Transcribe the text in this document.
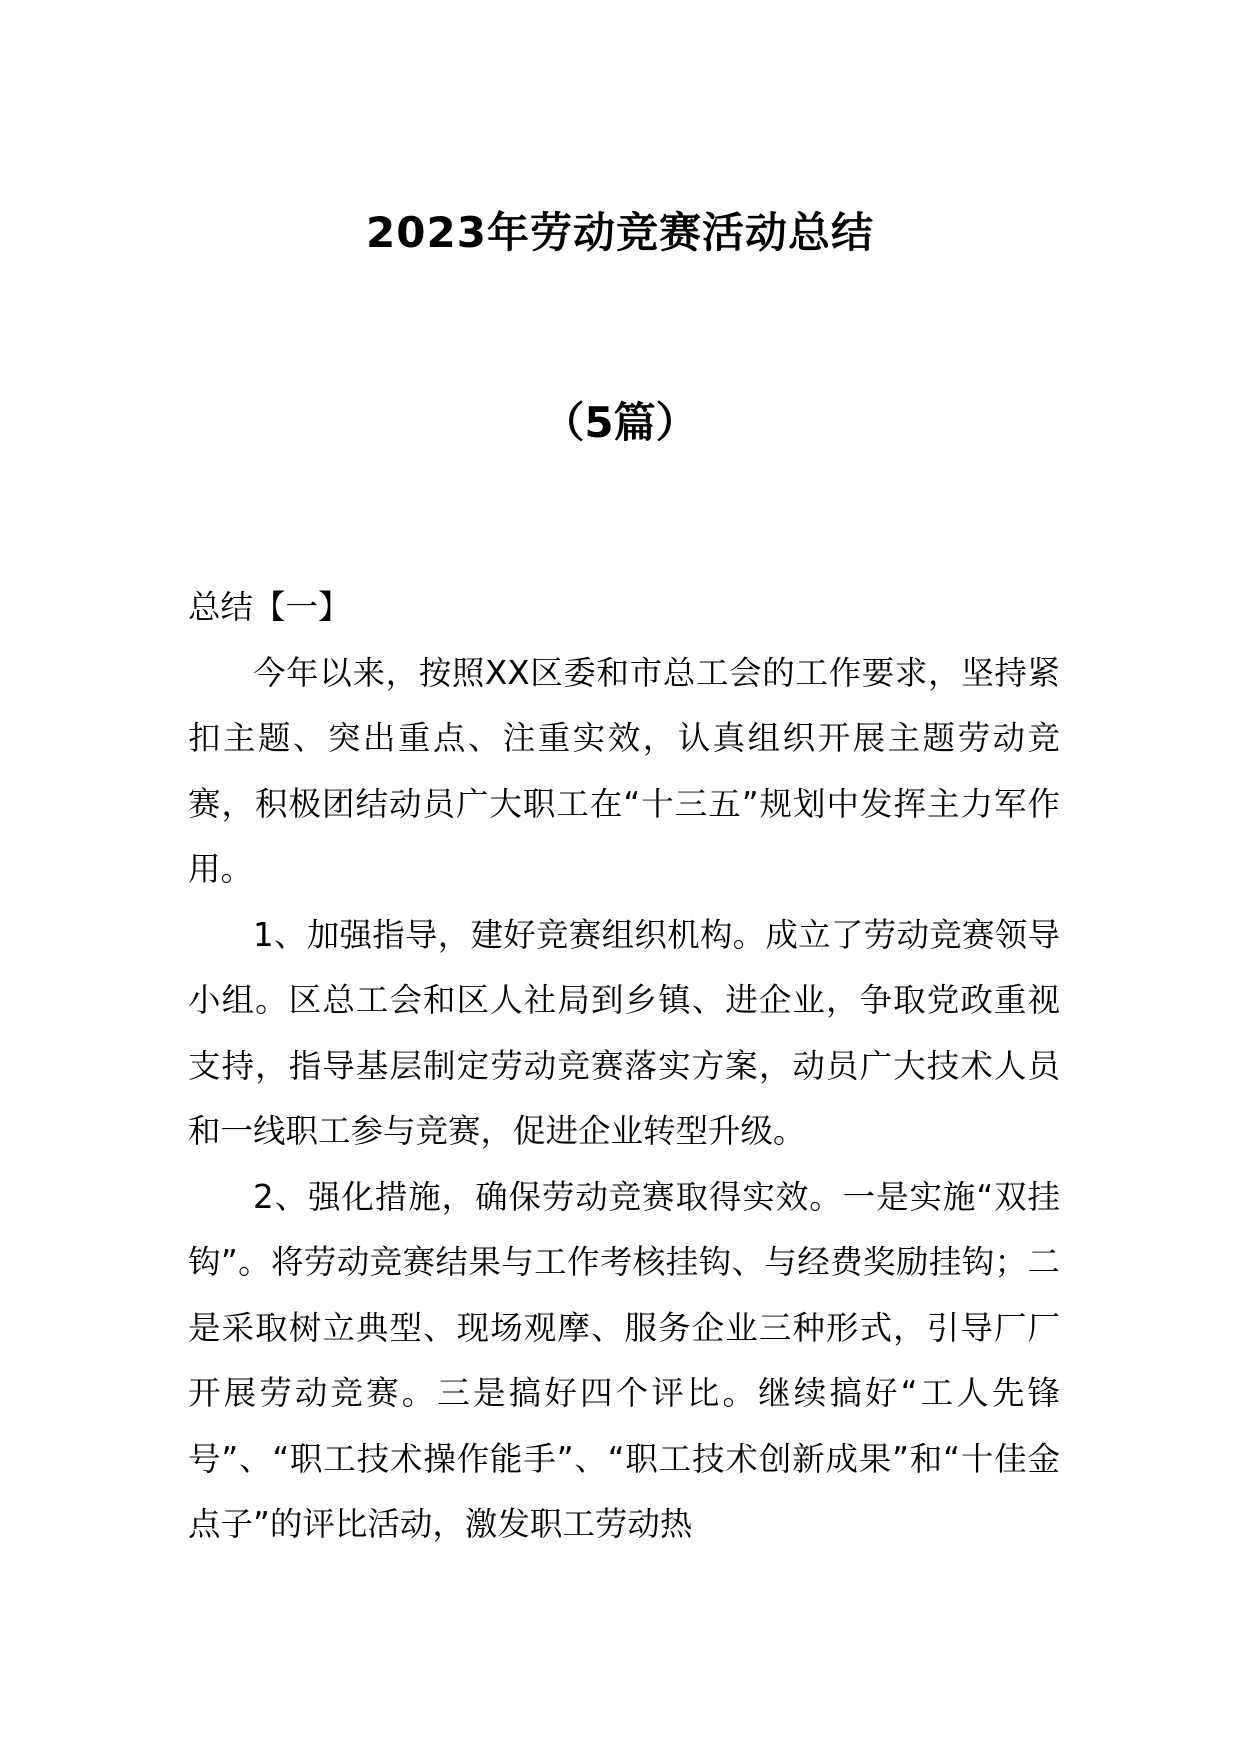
2023年劳动竞赛活动总结
（5篇）

总结【一】

今年以来，按照XX区委和市总工会的工作要求，坚持紧扣主题、突出重点、注重实效，认真组织开展主题劳动竞赛，积极团结动员广大职工在“十三五”规划中发挥主力军作用。

1、加强指导，建好竞赛组织机构。成立了劳动竞赛领导小组。区总工会和区人社局到乡镇、进企业，争取党政重视支持，指导基层制定劳动竞赛落实方案，动员广大技术人员和一线职工参与竞赛，促进企业转型升级。

2、强化措施，确保劳动竞赛取得实效。一是实施“双挂钩”。将劳动竞赛结果与工作考核挂钩、与经费奖励挂钩；二是采取树立典型、现场观摩、服务企业三种形式，引导厂厂开展劳动竞赛。三是搞好四个评比。继续搞好“工人先锋号”、“职工技术操作能手”、“职工技术创新成果”和“十佳金点子”的评比活动，激发职工劳动热
